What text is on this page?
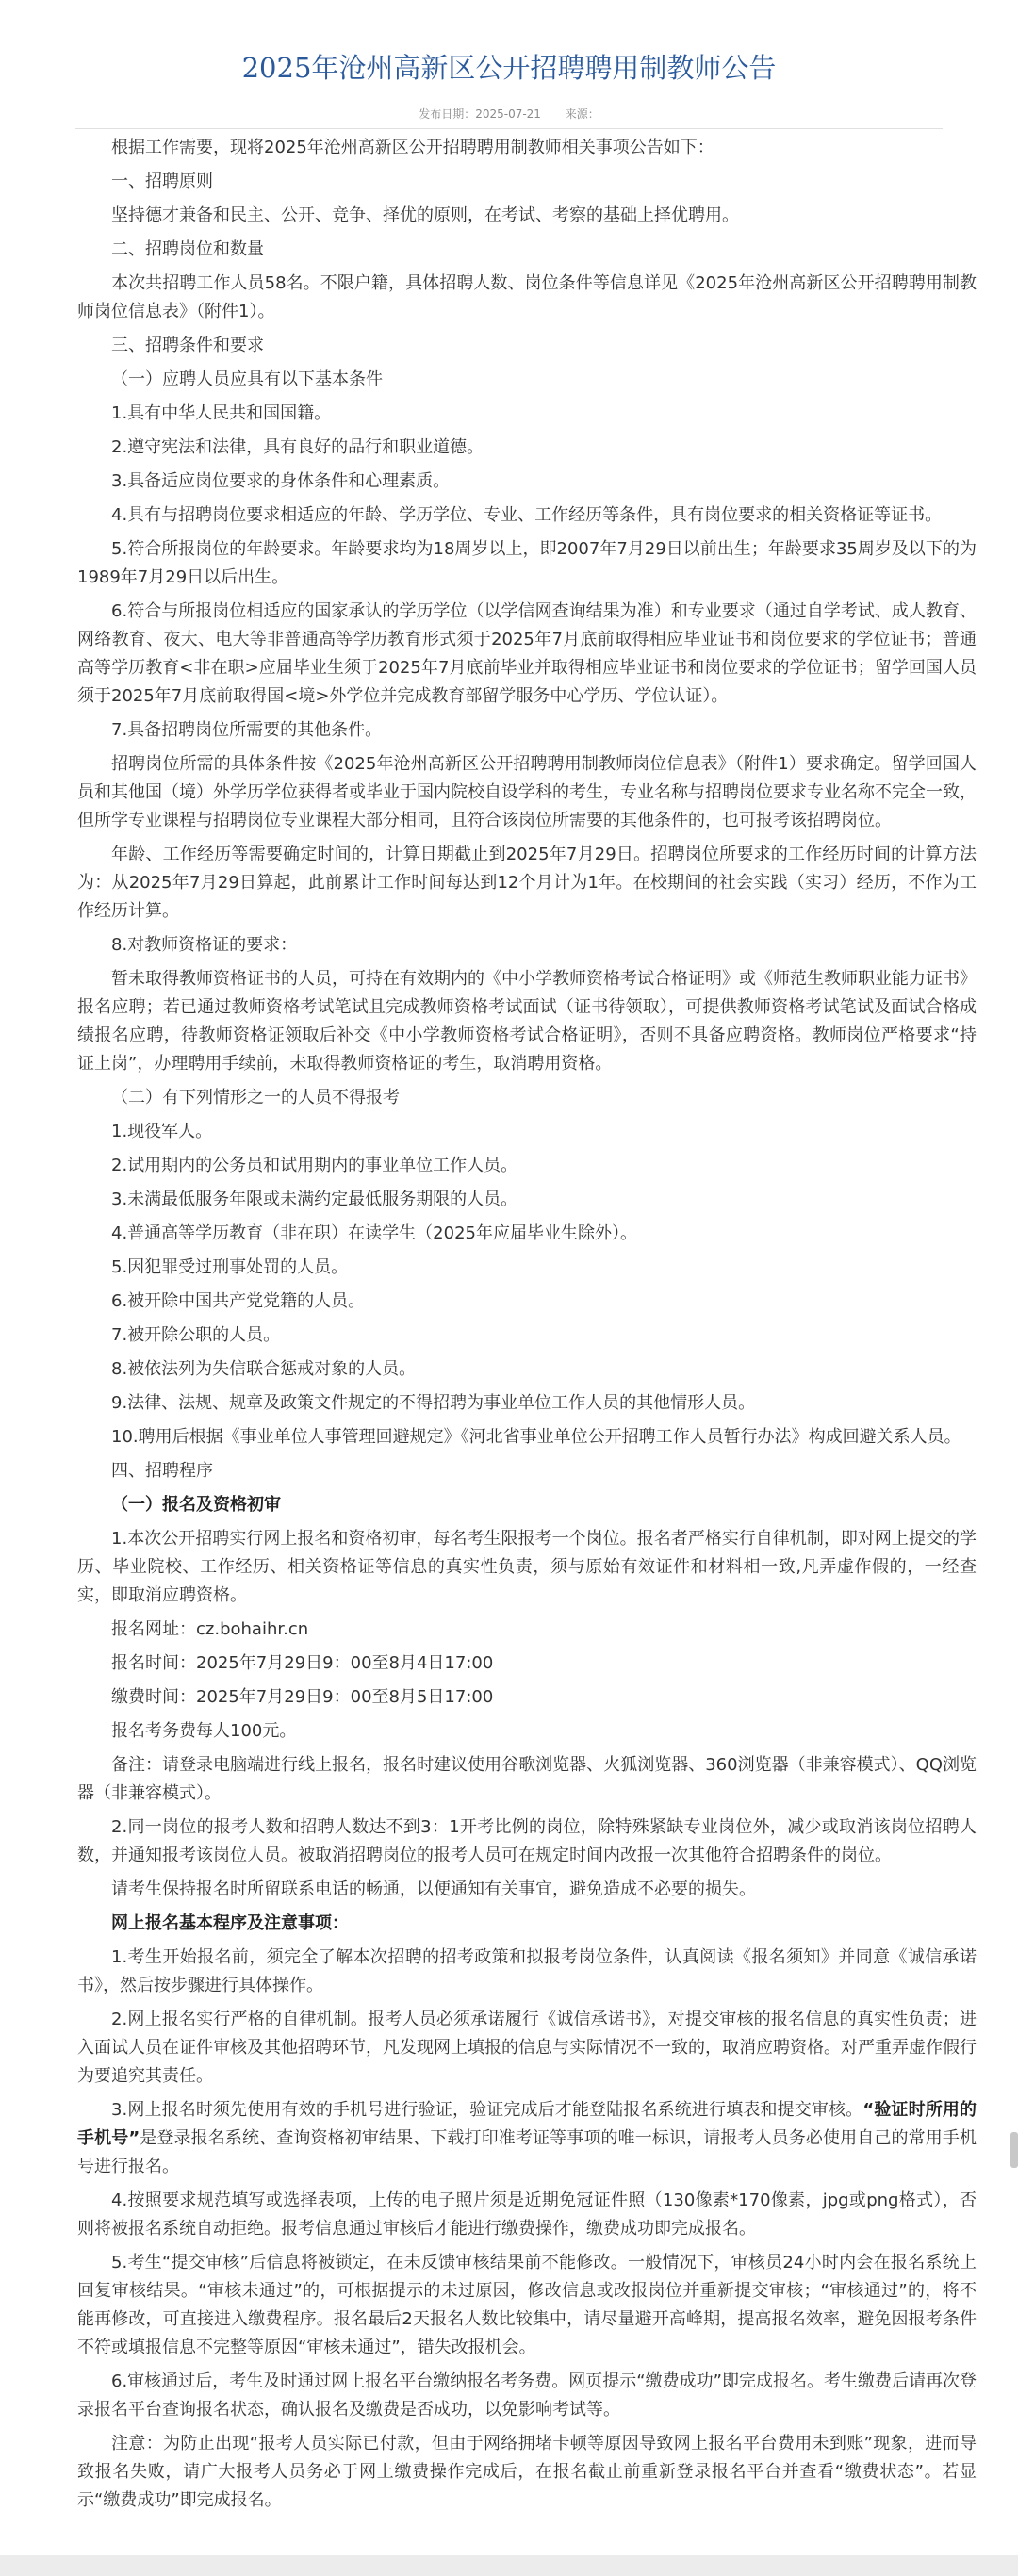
2025年沧州高新区公开招聘聘用制教师公告
发布日期：2025-07-21 来源：

根据工作需要，现将2025年沧州高新区公开招聘聘用制教师相关事项公告如下：

一、招聘原则

坚持德才兼备和民主、公开、竞争、择优的原则，在考试、考察的基础上择优聘用。

二、招聘岗位和数量

本次共招聘工作人员58名。不限户籍，具体招聘人数、岗位条件等信息详见《2025年沧州高新区公开招聘聘用制教师岗位信息表》（附件1）。

三、招聘条件和要求

（一）应聘人员应具有以下基本条件

1.具有中华人民共和国国籍。

2.遵守宪法和法律，具有良好的品行和职业道德。

3.具备适应岗位要求的身体条件和心理素质。

4.具有与招聘岗位要求相适应的年龄、学历学位、专业、工作经历等条件，具有岗位要求的相关资格证等证书。

5.符合所报岗位的年龄要求。年龄要求均为18周岁以上，即2007年7月29日以前出生；年龄要求35周岁及以下的为1989年7月29日以后出生。

6.符合与所报岗位相适应的国家承认的学历学位（以学信网查询结果为准）和专业要求（通过自学考试、成人教育、网络教育、夜大、电大等非普通高等学历教育形式须于2025年7月底前取得相应毕业证书和岗位要求的学位证书；普通高等学历教育<非在职>应届毕业生须于2025年7月底前毕业并取得相应毕业证书和岗位要求的学位证书；留学回国人员须于2025年7月底前取得国<境>外学位并完成教育部留学服务中心学历、学位认证）。

7.具备招聘岗位所需要的其他条件。

招聘岗位所需的具体条件按《2025年沧州高新区公开招聘聘用制教师岗位信息表》（附件1）要求确定。留学回国人员和其他国（境）外学历学位获得者或毕业于国内院校自设学科的考生，专业名称与招聘岗位要求专业名称不完全一致，但所学专业课程与招聘岗位专业课程大部分相同，且符合该岗位所需要的其他条件的，也可报考该招聘岗位。

年龄、工作经历等需要确定时间的，计算日期截止到2025年7月29日。招聘岗位所要求的工作经历时间的计算方法为：从2025年7月29日算起，此前累计工作时间每达到12个月计为1年。在校期间的社会实践（实习）经历，不作为工作经历计算。

8.对教师资格证的要求：

暂未取得教师资格证书的人员，可持在有效期内的《中小学教师资格考试合格证明》或《师范生教师职业能力证书》报名应聘；若已通过教师资格考试笔试且完成教师资格考试面试（证书待领取），可提供教师资格考试笔试及面试合格成绩报名应聘，待教师资格证领取后补交《中小学教师资格考试合格证明》，否则不具备应聘资格。教师岗位严格要求“持证上岗”，办理聘用手续前，未取得教师资格证的考生，取消聘用资格。

（二）有下列情形之一的人员不得报考

1.现役军人。

2.试用期内的公务员和试用期内的事业单位工作人员。

3.未满最低服务年限或未满约定最低服务期限的人员。

4.普通高等学历教育（非在职）在读学生（2025年应届毕业生除外）。

5.因犯罪受过刑事处罚的人员。

6.被开除中国共产党党籍的人员。

7.被开除公职的人员。

8.被依法列为失信联合惩戒对象的人员。

9.法律、法规、规章及政策文件规定的不得招聘为事业单位工作人员的其他情形人员。

10.聘用后根据《事业单位人事管理回避规定》《河北省事业单位公开招聘工作人员暂行办法》构成回避关系人员。

四、招聘程序

（一）报名及资格初审

1.本次公开招聘实行网上报名和资格初审，每名考生限报考一个岗位。报名者严格实行自律机制，即对网上提交的学历、毕业院校、工作经历、相关资格证等信息的真实性负责，须与原始有效证件和材料相一致,凡弄虚作假的，一经查实，即取消应聘资格。

报名网址：cz.bohaihr.cn

报名时间：2025年7月29日9：00至8月4日17:00

缴费时间：2025年7月29日9：00至8月5日17:00

报名考务费每人100元。

备注：请登录电脑端进行线上报名，报名时建议使用谷歌浏览器、火狐浏览器、360浏览器（非兼容模式）、QQ浏览器（非兼容模式）。

2.同一岗位的报考人数和招聘人数达不到3：1开考比例的岗位，除特殊紧缺专业岗位外，减少或取消该岗位招聘人数，并通知报考该岗位人员。被取消招聘岗位的报考人员可在规定时间内改报一次其他符合招聘条件的岗位。

请考生保持报名时所留联系电话的畅通，以便通知有关事宜，避免造成不必要的损失。

网上报名基本程序及注意事项：

1.考生开始报名前，须完全了解本次招聘的招考政策和拟报考岗位条件，认真阅读《报名须知》并同意《诚信承诺书》，然后按步骤进行具体操作。

2.网上报名实行严格的自律机制。报考人员必须承诺履行《诚信承诺书》，对提交审核的报名信息的真实性负责；进入面试人员在证件审核及其他招聘环节，凡发现网上填报的信息与实际情况不一致的，取消应聘资格。对严重弄虚作假行为要追究其责任。

3.网上报名时须先使用有效的手机号进行验证，验证完成后才能登陆报名系统进行填表和提交审核。“验证时所用的手机号”是登录报名系统、查询资格初审结果、下载打印准考证等事项的唯一标识，请报考人员务必使用自己的常用手机号进行报名。

4.按照要求规范填写或选择表项，上传的电子照片须是近期免冠证件照（130像素*170像素，jpg或png格式），否则将被报名系统自动拒绝。报考信息通过审核后才能进行缴费操作，缴费成功即完成报名。

5.考生“提交审核”后信息将被锁定，在未反馈审核结果前不能修改。一般情况下，审核员24小时内会在报名系统上回复审核结果。“审核未通过”的，可根据提示的未过原因，修改信息或改报岗位并重新提交审核；“审核通过”的，将不能再修改，可直接进入缴费程序。报名最后2天报名人数比较集中，请尽量避开高峰期，提高报名效率，避免因报考条件不符或填报信息不完整等原因“审核未通过”，错失改报机会。

6.审核通过后，考生及时通过网上报名平台缴纳报名考务费。网页提示“缴费成功”即完成报名。考生缴费后请再次登录报名平台查询报名状态，确认报名及缴费是否成功，以免影响考试等。

注意：为防止出现“报考人员实际已付款，但由于网络拥堵卡顿等原因导致网上报名平台费用未到账”现象，进而导致报名失败，请广大报考人员务必于网上缴费操作完成后，在报名截止前重新登录报名平台并查看“缴费状态”。若显示“缴费成功”即完成报名。
